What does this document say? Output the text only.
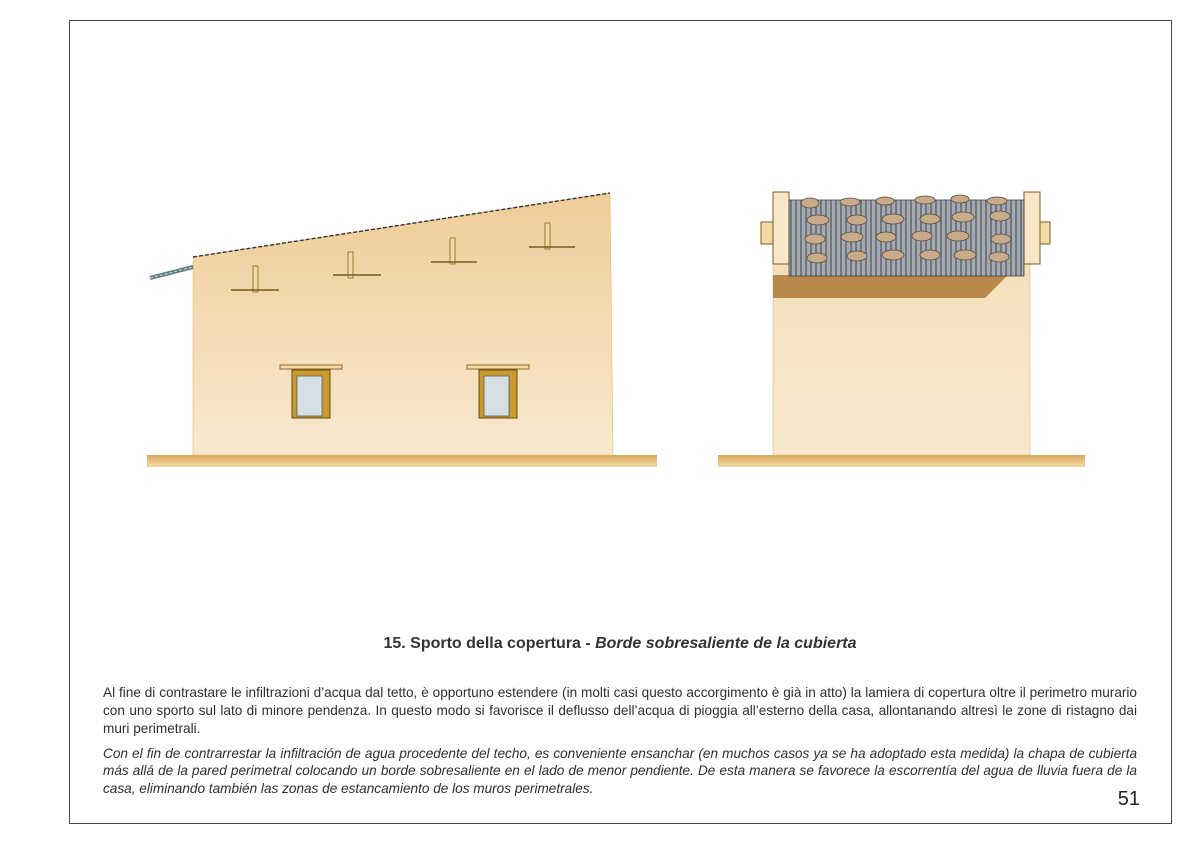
15. Sporto della copertura - Borde sobresaliente de la cubierta

Al fine di contrastare le infiltrazioni d’acqua dal tetto, è opportuno estendere (in molti casi questo accorgimento è già in atto) la lamiera di copertura oltre il perimetro murario con uno sporto sul lato di minore pendenza. In questo modo si favorisce il deflusso dell’acqua di pioggia all’esterno della casa, allontanando altresì le zone di ristagno dai muri perimetrali.

Con el fin de contrarrestar la infiltración de agua procedente del techo, es conveniente ensanchar (en muchos casos ya se ha adoptado esta medida) la chapa de cubierta más allá de la pared perimetral colocando un borde sobresaliente en el lado de menor pendiente. De esta manera se favorece la escorrentía del agua de lluvia fuera de la casa, eliminando también las zonas de estancamiento de los muros perimetrales.	51
